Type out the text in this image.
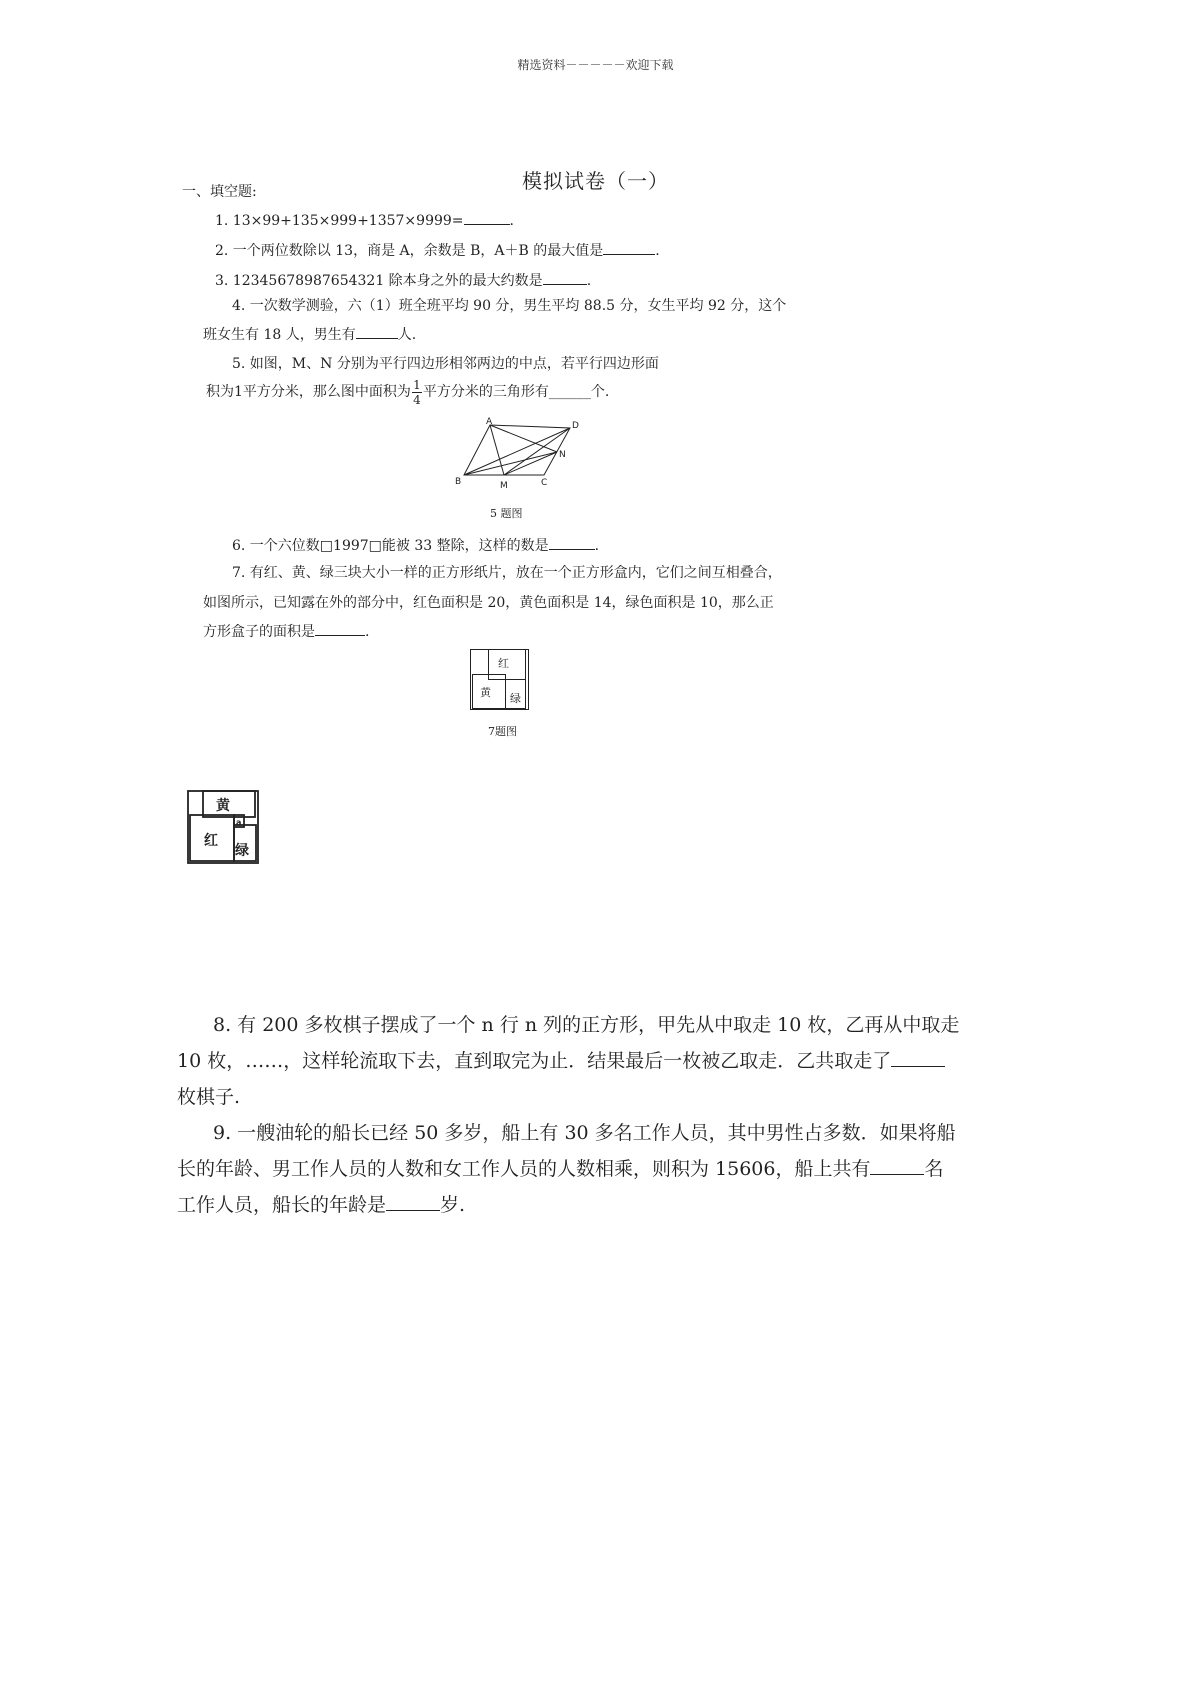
精选资料－－－－－欢迎下载
模拟试卷（一）
一、填空题:
1. 13×99+135×999+1357×9999=	.
2. 一个两位数除以 13，商是 A，余数是 B，A＋B 的最大值是	.
3. 12345678987654321 除本身之外的最大约数是	.
4. 一次数学测验，六（1）班全班平均 90 分，男生平均 88.5 分，女生平均 92 分，这个
班女生有 18 人，男生有	人.
5. 如图，M、N 分别为平行四边形相邻两边的中点，若平行四边形面
积为1平方分米，那么图中面积为 $\frac{1}{4}$ 平方分米的三角形有______个.
A	D
N
B	C
M
5 题图
6. 一个六位数□1997□能被 33 整除，这样的数是	.
7. 有红、黄、绿三块大小一样的正方形纸片，放在一个正方形盒内，它们之间互相叠合，
如图所示，已知露在外的部分中，红色面积是 20，黄色面积是 14，绿色面积是 10，那么正
方形盒子的面积是	.
红
黄 绿
7题图
黄
红
绿
a
8. 有 200 多枚棋子摆成了一个 n 行 n 列的正方形，甲先从中取走 10 枚，乙再从中取走
10 枚，……，这样轮流取下去，直到取完为止．结果最后一枚被乙取走．乙共取走了
枚棋子.
9. 一艘油轮的船长已经 50 多岁，船上有 30 多名工作人员，其中男性占多数．如果将船
长的年龄、男工作人员的人数和女工作人员的人数相乘，则积为 15606，船上共有	名
工作人员，船长的年龄是	岁.
